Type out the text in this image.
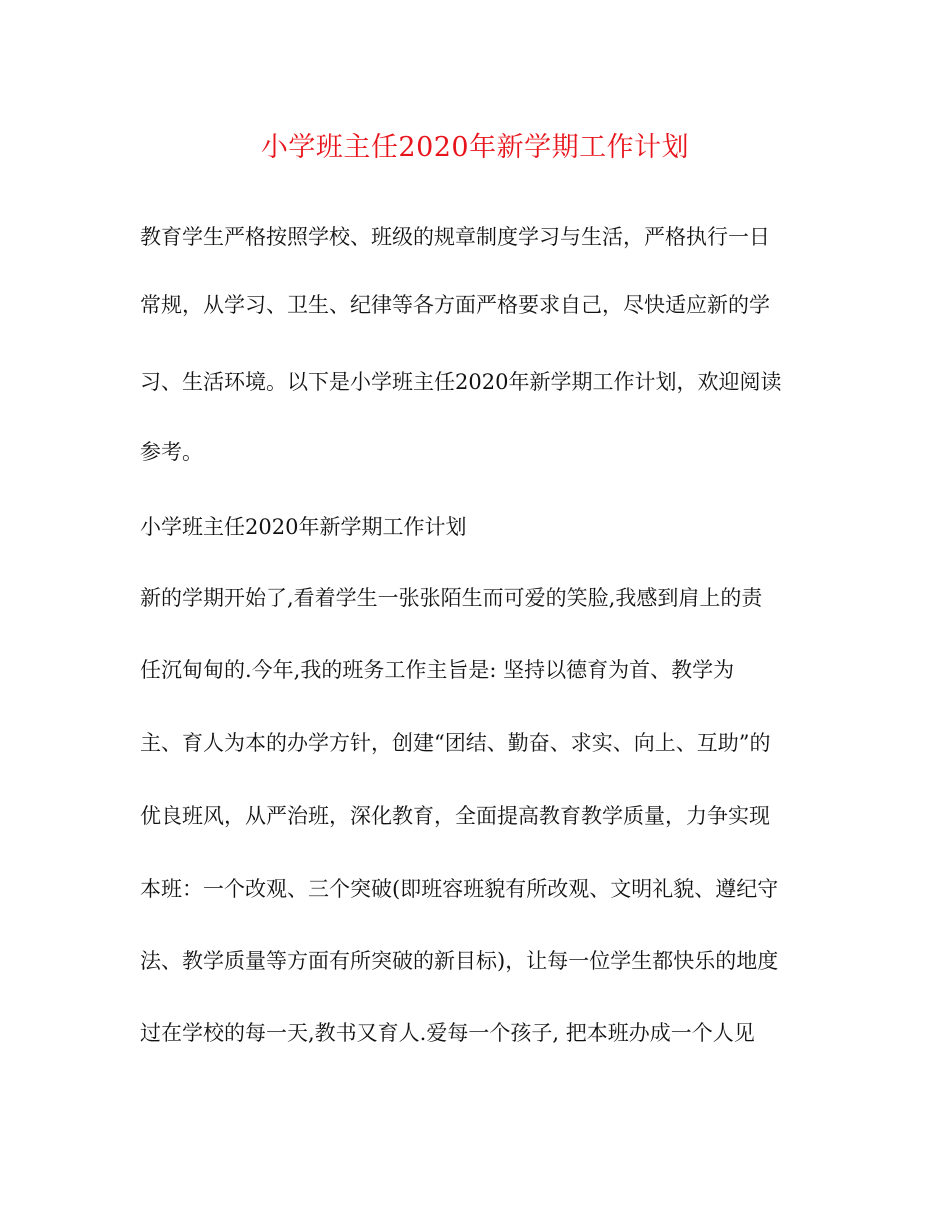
小学班主任2020年新学期工作计划
教育学生严格按照学校、班级的规章制度学习与生活，严格执行一日
常规，从学习、卫生、纪律等各方面严格要求自己，尽快适应新的学
习、生活环境。以下是小学班主任2020年新学期工作计划，欢迎阅读
参考。
小学班主任2020年新学期工作计划
新的学期开始了,看着学生一张张陌生而可爱的笑脸,我感到肩上的责
任沉甸甸的.今年,我的班务工作主旨是: 坚持以德育为首、教学为
主、育人为本的办学方针，创建“团结、勤奋、求实、向上、互助”的
优良班风，从严治班，深化教育，全面提高教育教学质量，力争实现
本班：一个改观、三个突破(即班容班貌有所改观、文明礼貌、遵纪守
法、教学质量等方面有所突破的新目标)，让每一位学生都快乐的地度
过在学校的每一天,教书又育人.爱每一个孩子, 把本班办成一个人见
